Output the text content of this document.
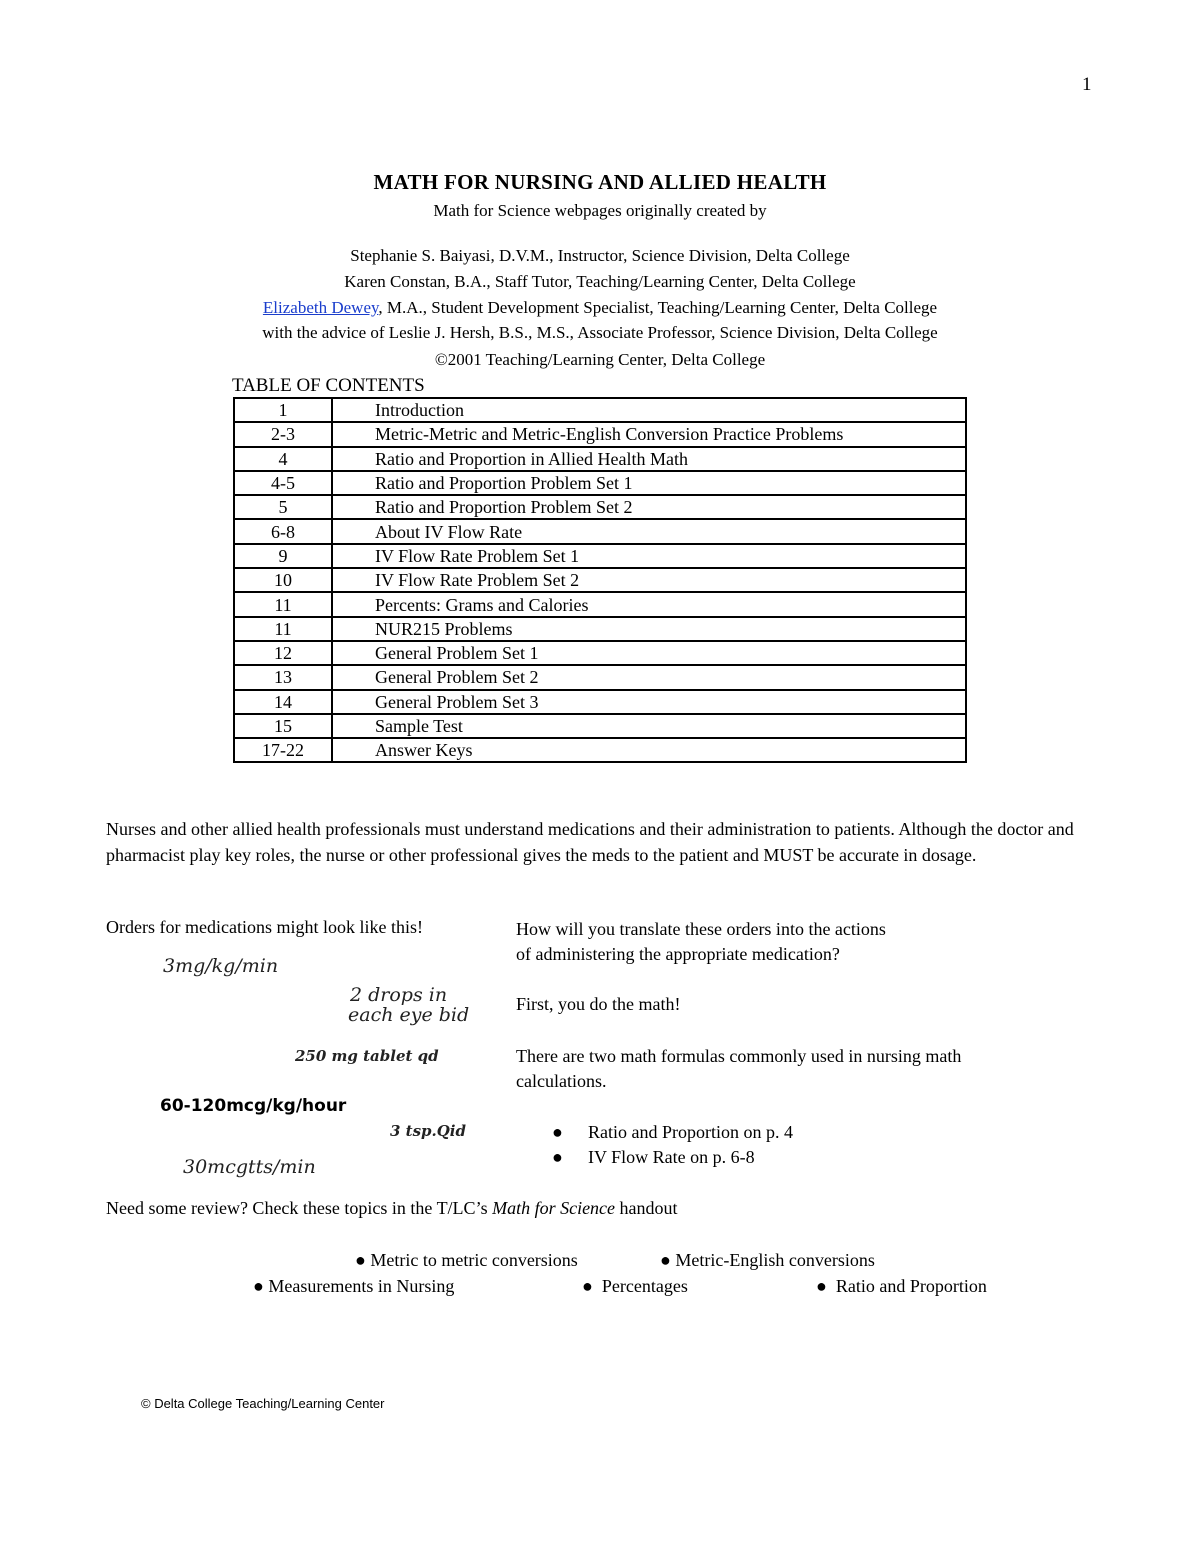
1
MATH FOR NURSING AND ALLIED HEALTH
Math for Science webpages originally created by
Stephanie S. Baiyasi, D.V.M., Instructor, Science Division, Delta College
Karen Constan, B.A., Staff Tutor, Teaching/Learning Center, Delta College
Elizabeth Dewey, M.A., Student Development Specialist, Teaching/Learning Center, Delta College
with the advice of Leslie J. Hersh, B.S., M.S., Associate Professor, Science Division, Delta College
©2001 Teaching/Learning Center, Delta College
TABLE OF CONTENTS
1	Introduction
2-3	Metric-Metric and Metric-English Conversion Practice Problems
4	Ratio and Proportion in Allied Health Math
4-5	Ratio and Proportion Problem Set 1
5	Ratio and Proportion Problem Set 2
6-8	About IV Flow Rate
9	IV Flow Rate Problem Set 1
10	IV Flow Rate Problem Set 2
11	Percents: Grams and Calories
11	NUR215 Problems
12	General Problem Set 1
13	General Problem Set 2
14	General Problem Set 3
15	Sample Test
17-22	Answer Keys
Nurses and other allied health professionals must understand medications and their administration to patients. Although the doctor and pharmacist play key roles, the nurse or other professional gives the meds to the patient and MUST be accurate in dosage.
Orders for medications might look like this!
3mg/kg/min
2 drops in
each eye bid
250 mg tablet qd
60-120mcg/kg/hour
3 tsp.Qid
30mcgtts/min
How will you translate these orders into the actions
of administering the appropriate medication?
First, you do the math!
There are two math formulas commonly used in nursing math
calculations.
● Ratio and Proportion on p. 4
● IV Flow Rate on p. 6-8
Need some review? Check these topics in the T/LC’s Math for Science handout
● Metric to metric conversions	● Metric-English conversions
● Measurements in Nursing	● Percentages	● Ratio and Proportion
© Delta College Teaching/Learning Center
